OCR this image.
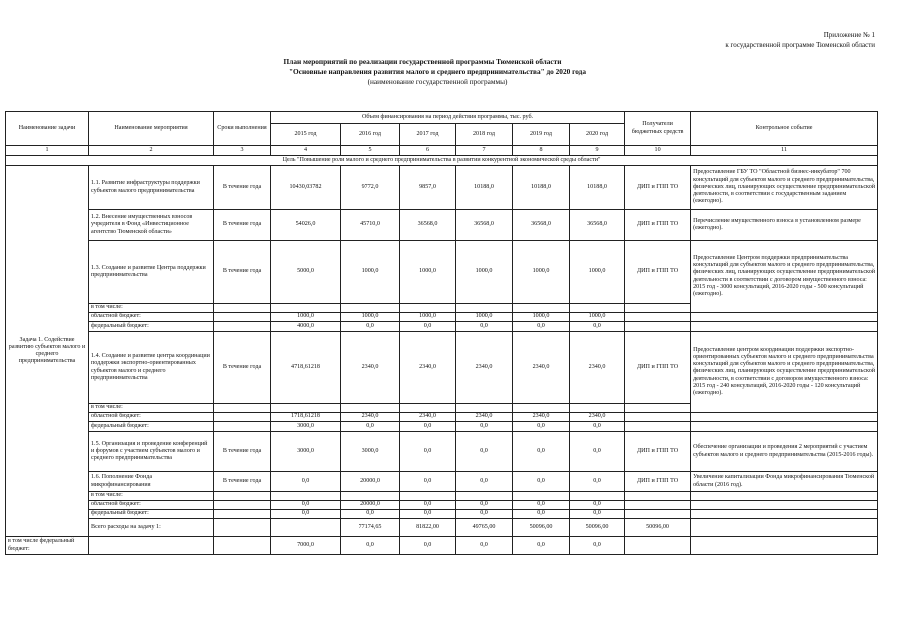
Приложение № 1
к государственной программе Тюменской области
План мероприятий по реализации государственной программы Тюменской области
"Основные направления развития малого и среднего предпринимательства" до 2020 года
(наименование государственной программы)
Наименование задачи	Наименование мероприятия	Сроки выполнения	Объем финансирования на период действия программы, тыс. руб.						Получатели бюджетных средств	Контрольное событие	
			2015 год	2016 год	2017 год	2018 год	2019 год	2020 год			
1	2	3	4	5	6	7	8	9	10	11	
Цель "Повышение роли малого и среднего предпринимательства в развитии конкурентной экономической среды области"											
Задача 1. Содействие развитию субъектов малого и среднего предпринимательства	1.1. Развитие инфраструктуры поддержки субъектов малого предпринимательства	В течение года	10430,03782	9772,0	9857,0	10188,0	10188,0	10188,0	ДИП и ГПП ТО	Предоставление ГБУ ТО "Областной бизнес-инкубатор" 700 консультаций для субъектов малого и среднего предпринимательства, физических лиц, планирующих осуществление предпринимательской деятельности, в соответствии с государственным заданием (ежегодно).	
	1.2. Внесение имущественных взносов учредителя в Фонд «Инвестиционное агентство Тюменской области»	В течение года	54026,0	45710,0	36568,0	36568,0	36568,0	36568,0	ДИП и ГПП ТО	Перечисление имущественного взноса в установленном размере (ежегодно).	
	1.3. Создание и развитие Центра поддержки предпринимательства	В течение года	5000,0	1000,0	1000,0	1000,0	1000,0	1000,0	ДИП и ГПП ТО	Предоставление Центром поддержки предпринимательства консультаций для субъектов малого и среднего предпринимательства, физических лиц, планирующих осуществление предпринимательской деятельности в соответствии с договором имущественного взноса: 2015 год - 3000 консультаций, 2016-2020 годы - 500 консультаций (ежегодно).	
	в том числе:										
	областной бюджет:		1000,0	1000,0	1000,0	1000,0	1000,0	1000,0			
	федеральный бюджет:		4000,0	0,0	0,0	0,0	0,0	0,0			
	1.4. Создание и развитие центра координации поддержки экспортно-ориентированных субъектов малого и среднего предпринимательства	В течение года	4718,61218	2340,0	2340,0	2340,0	2340,0	2340,0	ДИП и ГПП ТО	Предоставление центром координации поддержки экспортно-ориентированных субъектов малого и среднего предпринимательства консультаций для субъектов малого и среднего предпринимательства, физических лиц, планирующих осуществление предпринимательской деятельности, в соответствии с договором имущественного взноса: 2015 год - 240 консультаций, 2016-2020 годы - 120 консультаций (ежегодно).	
	в том числе:										
	областной бюджет:		1718,61218	2340,0	2340,0	2340,0	2340,0	2340,0			
	федеральный бюджет:		3000,0	0,0	0,0	0,0	0,0	0,0			
	1.5. Организация и проведение конференций и форумов с участием субъектов малого и среднего предпринимательства	В течение года	3000,0	3000,0	0,0	0,0	0,0	0,0	ДИП и ГПП ТО	Обеспечение организации и проведения 2 мероприятий с участием субъектов малого и среднего предпринимательства (2015-2016 годы).	
	1.6. Пополнение Фонда микрофинансирования	В течение года	0,0	20000,0	0,0	0,0	0,0	0,0	ДИП и ГПП ТО	Увеличение капитализации Фонда микрофинансирования Тюменской области (2016 год).	
	в том числе:										
	областной бюджет:		0,0	20000,0	0,0	0,0	0,0	0,0			
	федеральный бюджет:		0,0	0,0	0,0	0,0	0,0	0,0			
	Всего расходы на задачу 1:			77174,65	81822,00	49765,00	50096,00	50096,00	50096,00		
в том числе федеральный бюджет:			7000,0	0,0	0,0	0,0	0,0	0,0			
